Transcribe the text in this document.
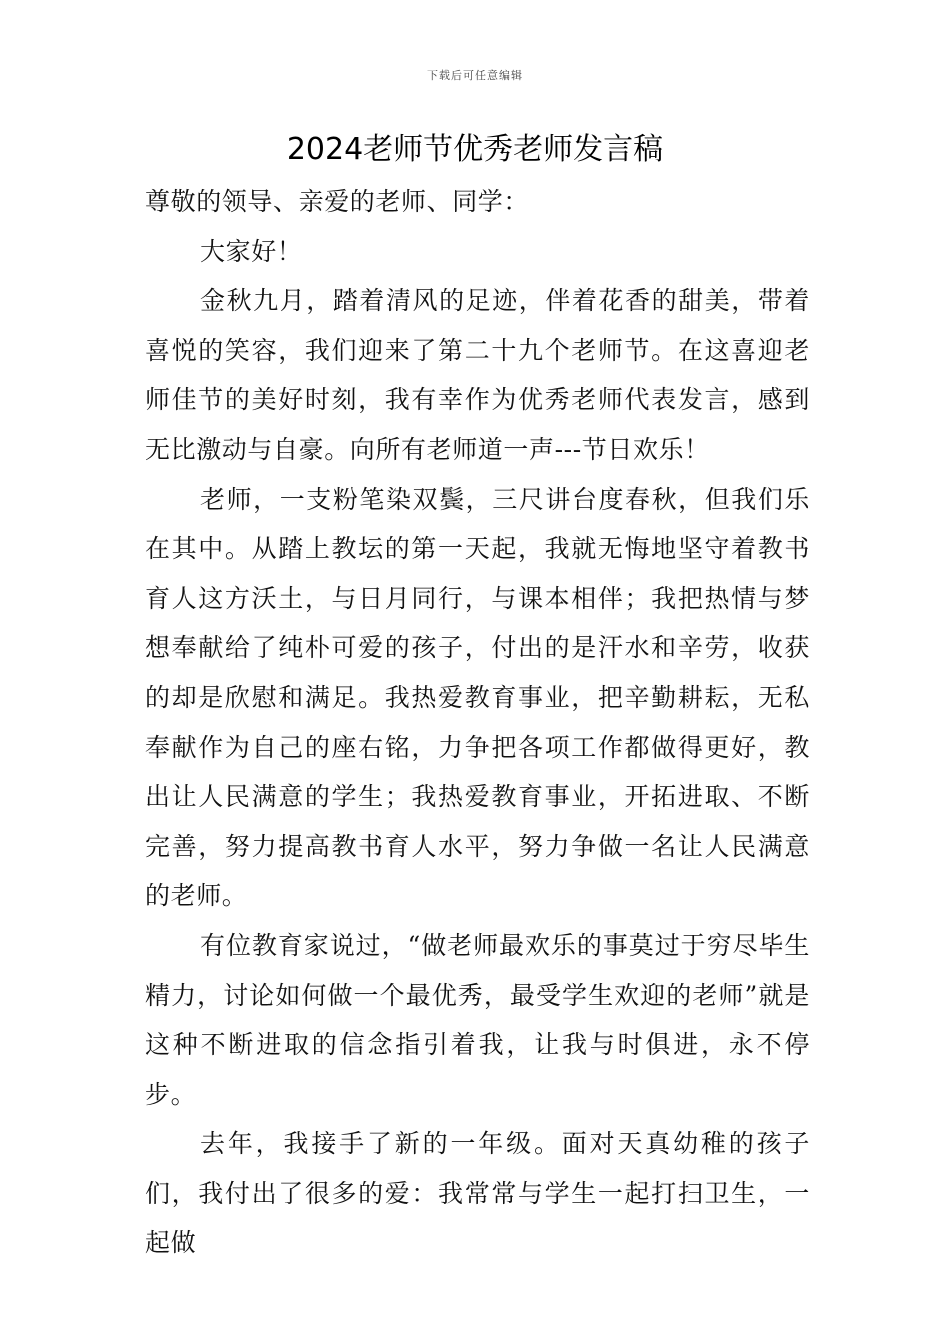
下载后可任意编辑
2024老师节优秀老师发言稿

尊敬的领导、亲爱的老师、同学：

大家好！

金秋九月，踏着清风的足迹，伴着花香的甜美，带着喜悦的笑容，我们迎来了第二十九个老师节。在这喜迎老师佳节的美好时刻，我有幸作为优秀老师代表发言，感到无比激动与自豪。向所有老师道一声---节日欢乐！

老师，一支粉笔染双鬓，三尺讲台度春秋，但我们乐在其中。从踏上教坛的第一天起，我就无悔地坚守着教书育人这方沃土，与日月同行，与课本相伴；我把热情与梦想奉献给了纯朴可爱的孩子，付出的是汗水和辛劳，收获的却是欣慰和满足。我热爱教育事业，把辛勤耕耘，无私奉献作为自己的座右铭，力争把各项工作都做得更好，教出让人民满意的学生；我热爱教育事业，开拓进取、不断完善，努力提高教书育人水平，努力争做一名让人民满意的老师。

有位教育家说过，“做老师最欢乐的事莫过于穷尽毕生精力，讨论如何做一个最优秀，最受学生欢迎的老师”就是这种不断进取的信念指引着我，让我与时俱进，永不停步。

去年，我接手了新的一年级。面对天真幼稚的孩子们，我付出了很多的爱：我常常与学生一起打扫卫生，一起做
